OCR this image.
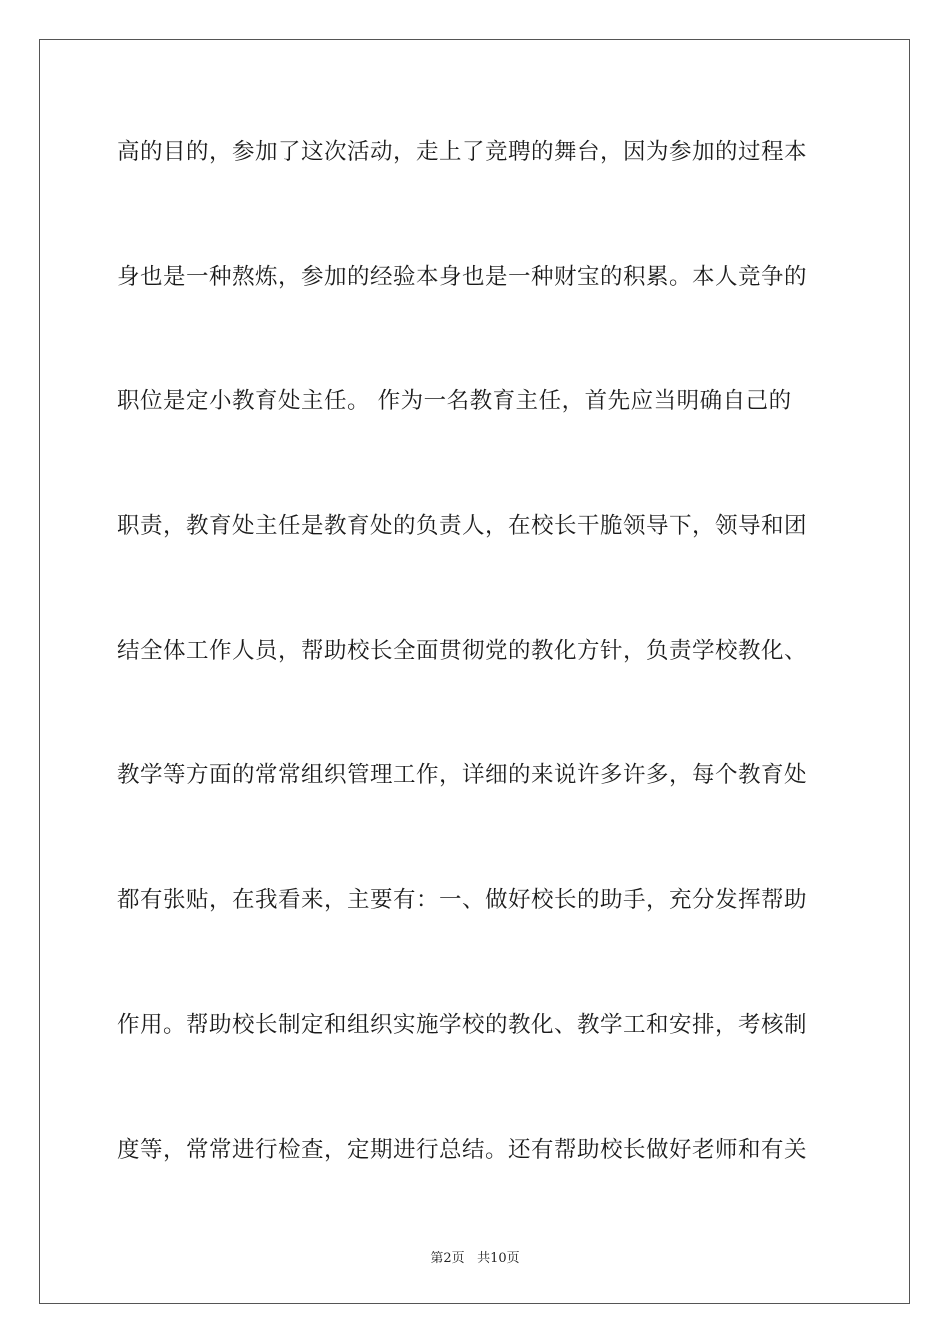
高的目的，参加了这次活动，走上了竞聘的舞台，因为参加的过程本
身也是一种熬炼，参加的经验本身也是一种财宝的积累。本人竞争的
职位是定小教育处主任。 作为一名教育主任，首先应当明确自己的
职责，教育处主任是教育处的负责人，在校长干脆领导下，领导和团
结全体工作人员，帮助校长全面贯彻党的教化方针，负责学校教化、
教学等方面的常常组织管理工作，详细的来说许多许多，每个教育处
都有张贴，在我看来，主要有：一、做好校长的助手，充分发挥帮助
作用。帮助校长制定和组织实施学校的教化、教学工和安排，考核制
度等，常常进行检查，定期进行总结。还有帮助校长做好老师和有关
第2页 共10页
